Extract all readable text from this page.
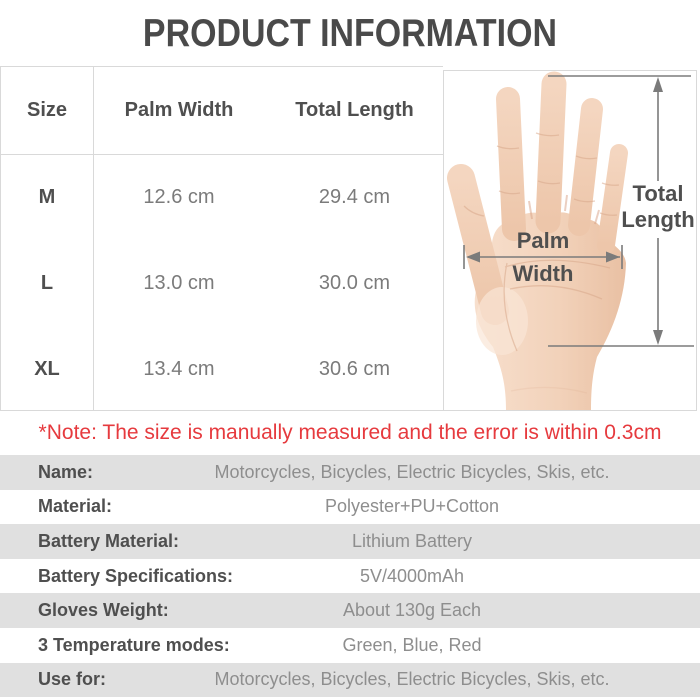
PRODUCT INFORMATION
Size	Palm Width	Total Length
M	12.6 cm	29.4 cm
L	13.0 cm	30.0 cm
XL	13.4 cm	30.6 cm
Total
Length
Palm
Width
*Note: The size is manually measured and the error is within 0.3cm
Name:	Motorcycles, Bicycles, Electric Bicycles, Skis, etc.
Material:	Polyester+PU+Cotton
Battery Material:	Lithium Battery
Battery Specifications:	5V/4000mAh
Gloves Weight:	About 130g Each
3 Temperature modes:	Green, Blue, Red
Use for:	Motorcycles, Bicycles, Electric Bicycles, Skis, etc.
